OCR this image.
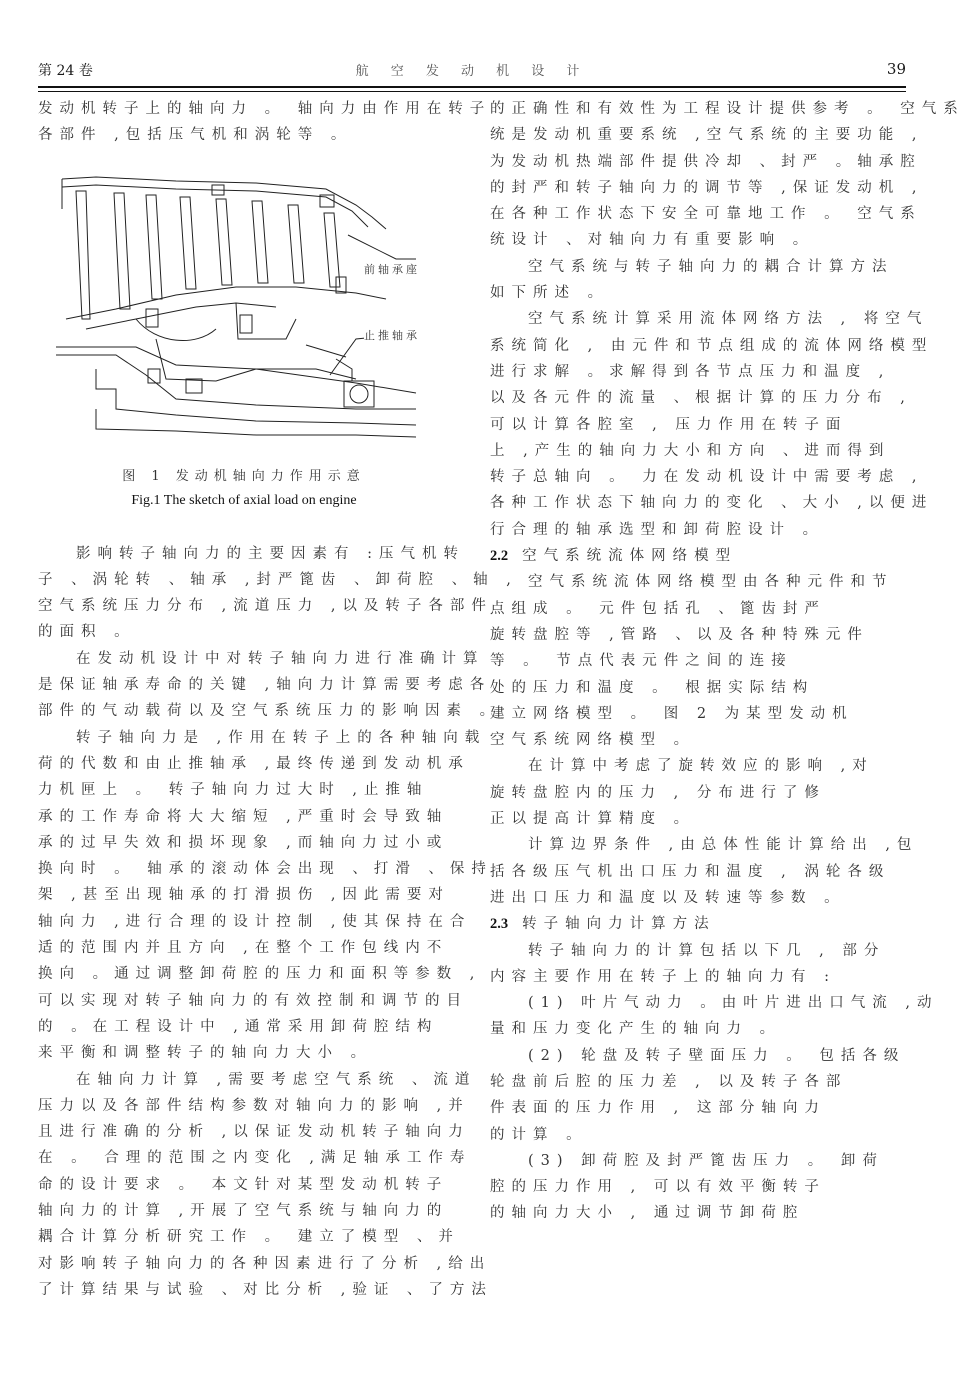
第 24 卷	航 空 发 动 机 设 计	39
发动机转子上的轴向力 。 轴向力由作用在转子
各部件 ,包括压气机和涡轮等 。
前轴承座
止推轴承
图 1 发动机轴向力作用示意
Fig.1 The sketch of axial load on engine
影响转子轴向力的主要因素有 :压气机转
子 、涡轮转 、轴承 ,封严篦齿 、卸荷腔 、轴 ,
空气系统压力分布 ,流道压力 ,以及转子各部件
的面积 。
在发动机设计中对转子轴向力进行准确计算
是保证轴承寿命的关键 ,轴向力计算需要考虑各
部件的气动载荷以及空气系统压力的影响因素 。
转子轴向力是 ,作用在转子上的各种轴向载
荷的代数和由止推轴承 ,最终传递到发动机承
力机匣上 。 转子轴向力过大时 ,止推轴
承的工作寿命将大大缩短 ,严重时会导致轴
承的过早失效和损坏现象 ,而轴向力过小或
换向时 。 轴承的滚动体会出现 、打滑 、保持
架 ,甚至出现轴承的打滑损伤 ,因此需要对
轴向力 ,进行合理的设计控制 ,使其保持在合
适的范围内并且方向 ,在整个工作包线内不
换向 。通过调整卸荷腔的压力和面积等参数 ,
可以实现对转子轴向力的有效控制和调节的目
的 。在工程设计中 ,通常采用卸荷腔结构
来平衡和调整转子的轴向力大小 。
在轴向力计算 ,需要考虑空气系统 、流道
压力以及各部件结构参数对轴向力的影响 ,并
且进行准确的分析 ,以保证发动机转子轴向力
在 。 合理的范围之内变化 ,满足轴承工作寿
命的设计要求 。 本文针对某型发动机转子
轴向力的计算 ,开展了空气系统与轴向力的
耦合计算分析研究工作 。 建立了模型 、并
对影响转子轴向力的各种因素进行了分析 ,给出
了计算结果与试验 、对比分析 ,验证 、了方法
的正确性和有效性为工程设计提供参考 。 空气系
统是发动机重要系统 ,空气系统的主要功能 ,
为发动机热端部件提供冷却 、封严 。轴承腔
的封严和转子轴向力的调节等 ,保证发动机 ,
在各种工作状态下安全可靠地工作 。 空气系
统设计 、对轴向力有重要影响 。
空气系统与转子轴向力的耦合计算方法
如下所述 。
空气系统计算采用流体网络方法 , 将空气
系统简化 , 由元件和节点组成的流体网络模型
进行求解 。求解得到各节点压力和温度 ,
以及各元件的流量 、根据计算的压力分布 ,
可以计算各腔室 , 压力作用在转子面
上 ,产生的轴向力大小和方向 、进而得到
转子总轴向 。 力在发动机设计中需要考虑 ,
各种工作状态下轴向力的变化 、大小 ,以便进
行合理的轴承选型和卸荷腔设计 。
2.2 空气系统流体网络模型
空气系统流体网络模型由各种元件和节
点组成 。 元件包括孔 、篦齿封严
旋转盘腔等 ,管路 、以及各种特殊元件
等 。 节点代表元件之间的连接
处的压力和温度 。 根据实际结构
建立网络模型 。 图 2 为某型发动机
空气系统网络模型 。
在计算中考虑了旋转效应的影响 ,对
旋转盘腔内的压力 , 分布进行了修
正以提高计算精度 。
计算边界条件 ,由总体性能计算给出 ,包
括各级压气机出口压力和温度 , 涡轮各级
进出口压力和温度以及转速等参数 。
2.3 转子轴向力计算方法
转子轴向力的计算包括以下几 , 部分
内容主要作用在转子上的轴向力有 :
(1) 叶片气动力 。由叶片进出口气流 ,动
量和压力变化产生的轴向力 。
(2) 轮盘及转子壁面压力 。 包括各级
轮盘前后腔的压力差 , 以及转子各部
件表面的压力作用 , 这部分轴向力
的计算 。
(3) 卸荷腔及封严篦齿压力 。 卸荷
腔的压力作用 , 可以有效平衡转子
的轴向力大小 , 通过调节卸荷腔
